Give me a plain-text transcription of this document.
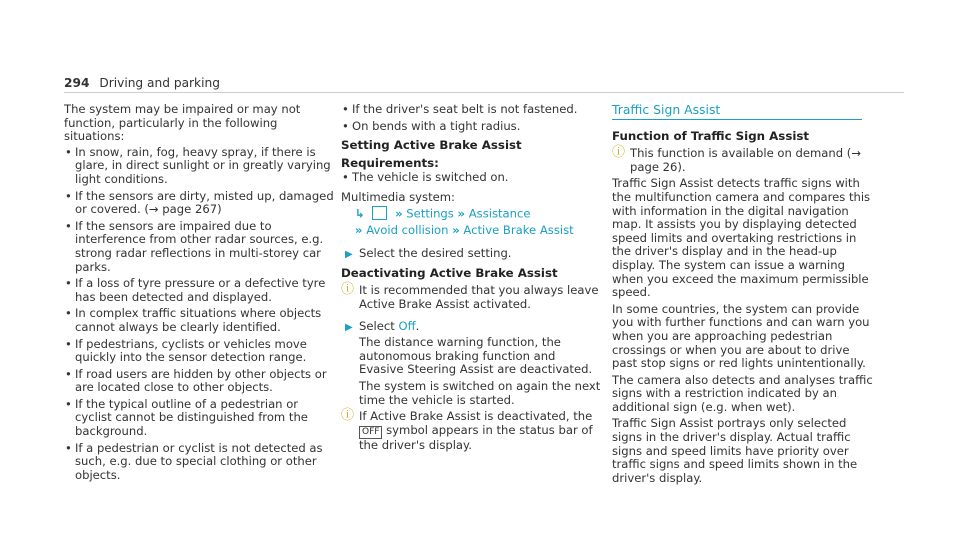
294 Driving and parking

The system may be impaired or may not function, particularly in the following situations:

• In snow, rain, fog, heavy spray, if there is glare, in direct sunlight or in greatly varying light conditions.
• If the sensors are dirty, misted up, damaged or covered. (→ page 267)
• If the sensors are impaired due to interference from other radar sources, e.g. strong radar reflections in multi-storey car parks.
• If a loss of tyre pressure or a defective tyre has been detected and displayed.
• In complex traffic situations where objects cannot always be clearly identified.
• If pedestrians, cyclists or vehicles move quickly into the sensor detection range.
• If road users are hidden by other objects or are located close to other objects.
• If the typical outline of a pedestrian or cyclist cannot be distinguished from the background.
• If a pedestrian or cyclist is not detected as such, e.g. due to special clothing or other objects.
• If the driver's seat belt is not fastened.
• On bends with a tight radius.
Setting Active Brake Assist
Requirements:
• The vehicle is switched on.

Multimedia system:

↳	» Settings » Assistance
» Avoid collision » Active Brake Assist
▶ Select the desired setting.
Deactivating Active Brake Assist
ⓘ It is recommended that you always leave Active Brake Assist activated.
▶ Select Off.

The distance warning function, the autonomous braking function and Evasive Steering Assist are deactivated.

The system is switched on again the next time the vehicle is started.

ⓘ If Active Brake Assist is deactivated, the OFF symbol appears in the status bar of the driver's display.
Traffic Sign Assist
Function of Traffic Sign Assist
ⓘ This function is available on demand (→ page 26).

Traffic Sign Assist detects traffic signs with the multifunction camera and compares this with information in the digital navigation map. It assists you by displaying detected speed limits and overtaking restrictions in the driver's display and in the head-up display. The system can issue a warning when you exceed the maximum permissible speed.

In some countries, the system can provide you with further functions and can warn you when you are approaching pedestrian crossings or when you are about to drive past stop signs or red lights unintentionally.

The camera also detects and analyses traffic signs with a restriction indicated by an additional sign (e.g. when wet).

Traffic Sign Assist portrays only selected signs in the driver's display. Actual traffic signs and speed limits have priority over traffic signs and speed limits shown in the driver's display.
